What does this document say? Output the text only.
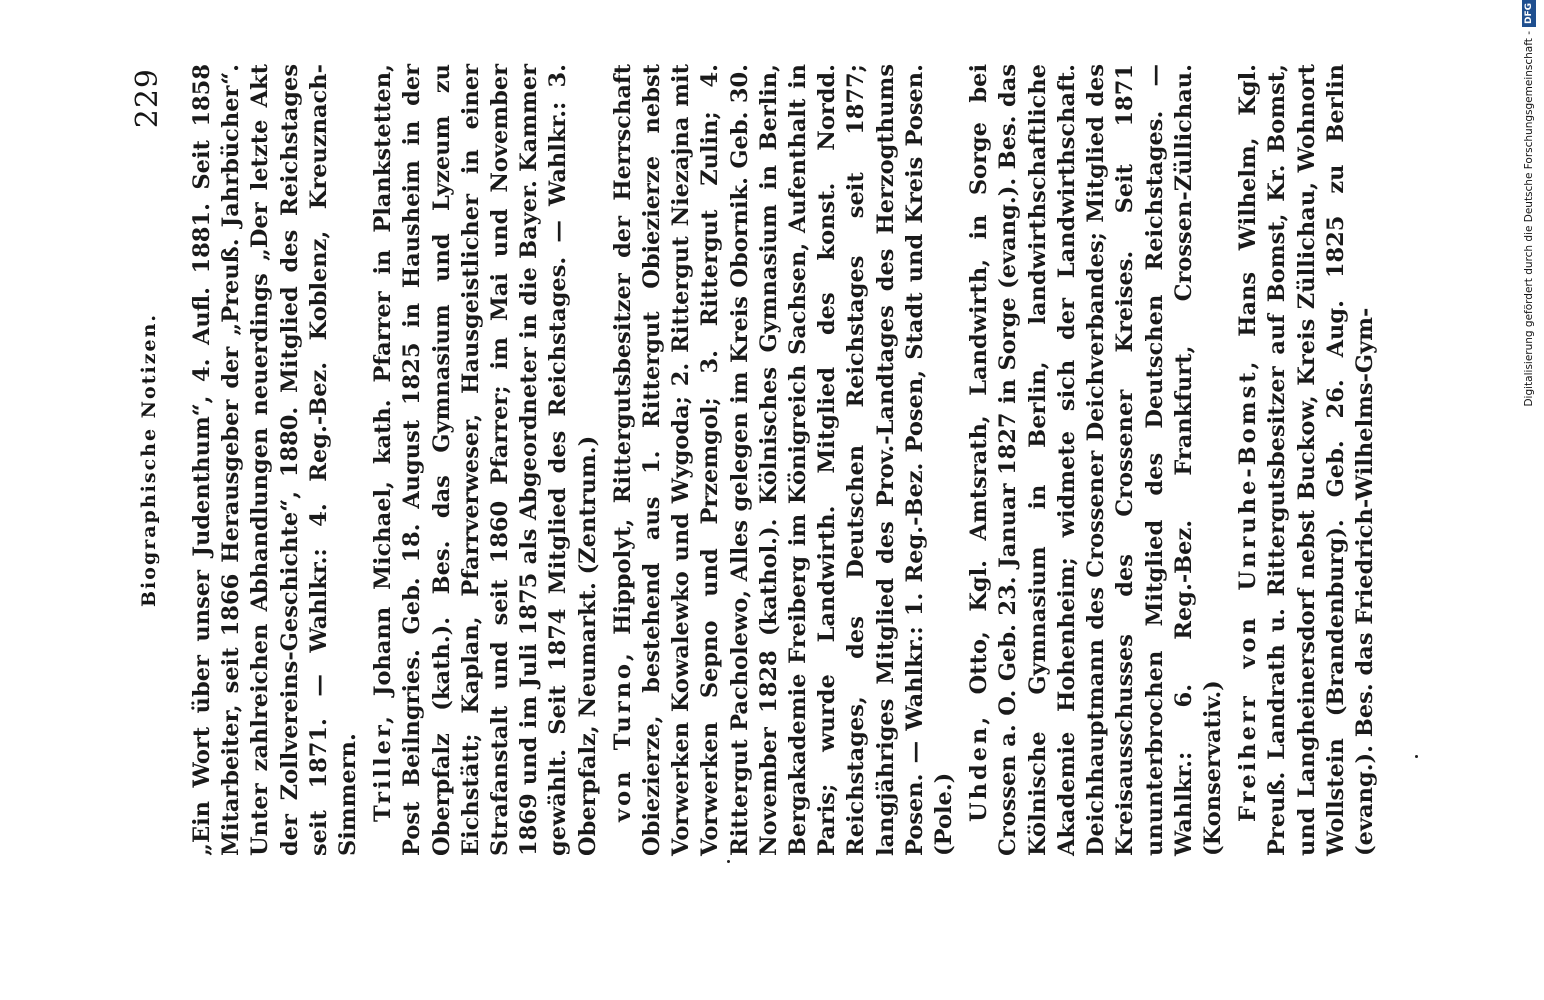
Biographische Notizen.
229 „Ein Wort über unser Judenthum“, 4. Aufl. 1881. Seit 1858 Mitarbeiter, seit 1866 Herausgeber der „Preuß. Jahrbücher“. Unter zahlreichen Abhandlungen neuerdings „Der letzte Akt der Zollvereins-Geschichte“, 1880. Mitglied des Reichstages seit 1871. — Wahlkr.: 4. Reg.-Bez. Koblenz, Kreuznach-Simmern. Triller, Johann Michael, kath. Pfarrer in Plankstetten, Post Beilngries. Geb. 18. August 1825 in Hausheim in der Oberpfalz (kath.). Bes. das Gymnasium und Lyzeum zu Eichstätt; Kaplan, Pfarrverweser, Hausgeistlicher in einer Strafanstalt und seit 1860 Pfarrer; im Mai und November 1869 und im Juli 1875 als Abgeordneter in die Bayer. Kammer gewählt. Seit 1874 Mitglied des Reichstages. — Wahlkr.: 3. Oberpfalz, Neumarkt. (Zentrum.) von Turno, Hippolyt, Rittergutsbesitzer der Herrschaft Obiezierze, bestehend aus 1. Rittergut Obiezierze nebst Vorwerken Kowalewko und Wygoda; 2. Rittergut Niezajna mit Vorwerken Sepno und Przemgol; 3. Rittergut Zulin; 4. Rittergut Pacholewo, Alles gelegen im Kreis Obornik. Geb. 30. November 1828 (kathol.). Kölnisches Gymnasium in Berlin, Bergakademie Freiberg im Königreich Sachsen, Aufenthalt in Paris; wurde Landwirth. Mitglied des konst. Nordd. Reichstages, des Deutschen Reichstages seit 1877; langjähriges Mitglied des Prov.-Landtages des Herzogthums Posen. — Wahlkr.: 1. Reg.-Bez. Posen, Stadt und Kreis Posen. (Pole.) Uhden, Otto, Kgl. Amtsrath, Landwirth, in Sorge bei Crossen a. O. Geb. 23. Januar 1827 in Sorge (evang.). Bes. das Kölnische Gymnasium in Berlin, landwirthschaftliche Akademie Hohenheim; widmete sich der Landwirthschaft. Deichhauptmann des Crossener Deichverbandes; Mitglied des Kreisausschusses des Crossener Kreises. Seit 1871 ununterbrochen Mitglied des Deutschen Reichstages. — Wahlkr.: 6. Reg.-Bez. Frankfurt, Crossen-Züllichau. (Konservativ.) Freiherr von Unruhe-Bomst, Hans Wilhelm, Kgl. Preuß. Landrath u. Rittergutsbesitzer auf Bomst, Kr. Bomst, und Langheinersdorf nebst Buckow, Kreis Züllichau, Wohnort Wollstein (Brandenburg). Geb. 26. Aug. 1825 zu Berlin (evang.). Bes. das Friedrich-Wilhelms-Gym-

Digitalisierung gefördert durch die Deutsche Forschungsgemeinschaft -
DFG
